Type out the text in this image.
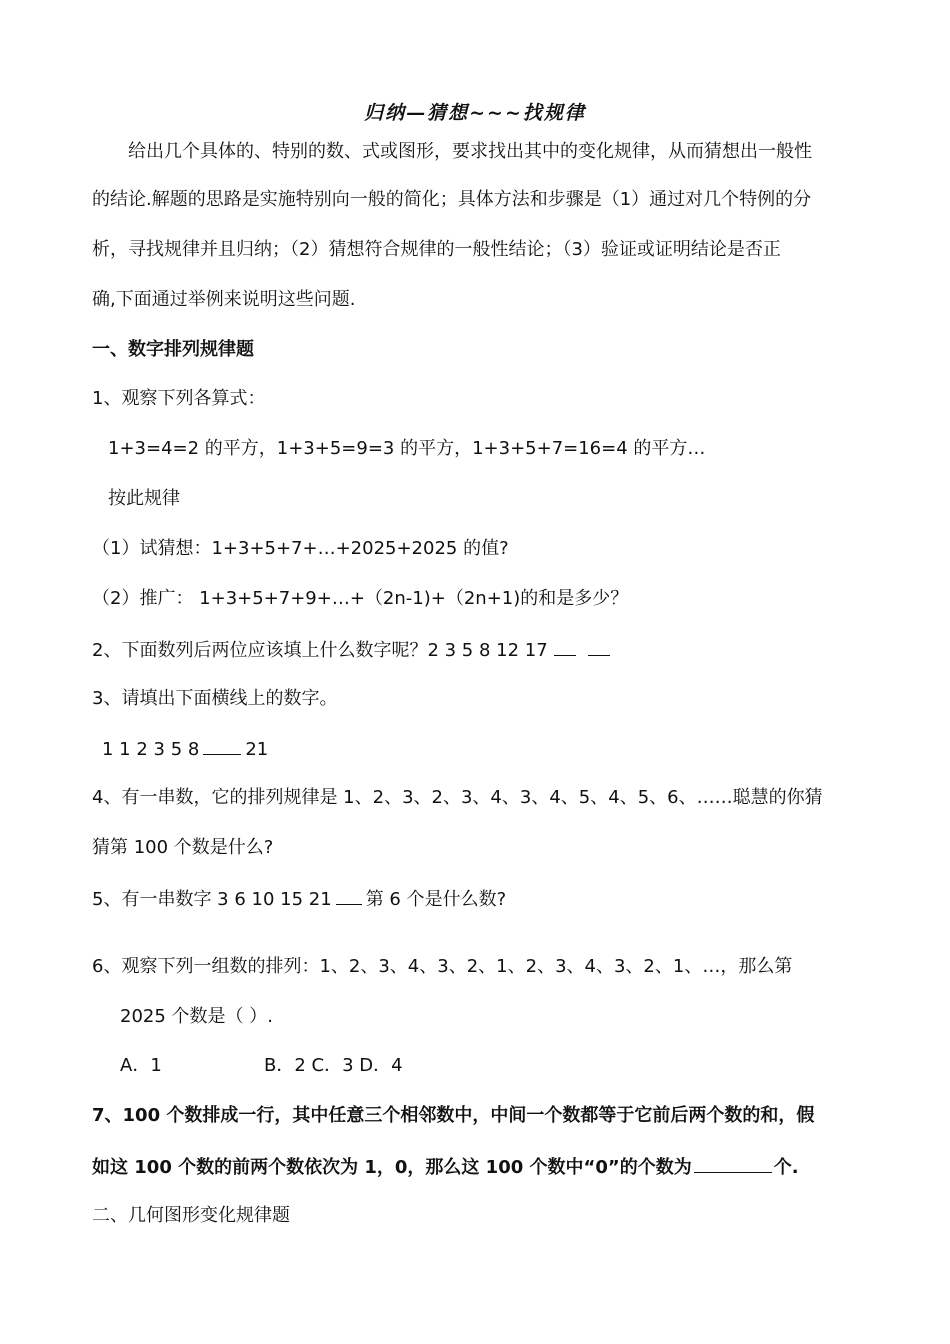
归纳—猜想~~~找规律
给出几个具体的、特别的数、式或图形，要求找出其中的变化规律，从而猜想出一般性
的结论.解题的思路是实施特别向一般的简化；具体方法和步骤是（1）通过对几个特例的分
析，寻找规律并且归纳；（2）猜想符合规律的一般性结论；（3）验证或证明结论是否正
确,下面通过举例来说明这些问题.
一、数字排列规律题
1、观察下列各算式：
1+3=4=2 的平方，1+3+5=9=3 的平方，1+3+5+7=16=4 的平方…
按此规律
（1）试猜想：1+3+5+7+…+2025+2025 的值?
（2）推广： 1+3+5+7+9+…+（2n-1)+（2n+1)的和是多少？
2、下面数列后两位应该填上什么数字呢？2 3 5 8 12 17
3、请填出下面横线上的数字。
1 1 2 3 5 8	21
4、有一串数，它的排列规律是 1、2、3、2、3、4、3、4、5、4、5、6、……聪慧的你猜
猜第 100 个数是什么?
5、有一串数字 3 6 10 15 21 第 6 个是什么数?
6、观察下列一组数的排列：1、2、3、4、3、2、1、2、3、4、3、2、1、…，那么第
2025 个数是（ ）.
A．1	B．2 C．3 D．4
7、100 个数排成一行，其中任意三个相邻数中，中间一个数都等于它前后两个数的和，假
如这 100 个数的前两个数依次为 1，0，那么这 100 个数中“0”的个数为	个.
二、几何图形变化规律题
